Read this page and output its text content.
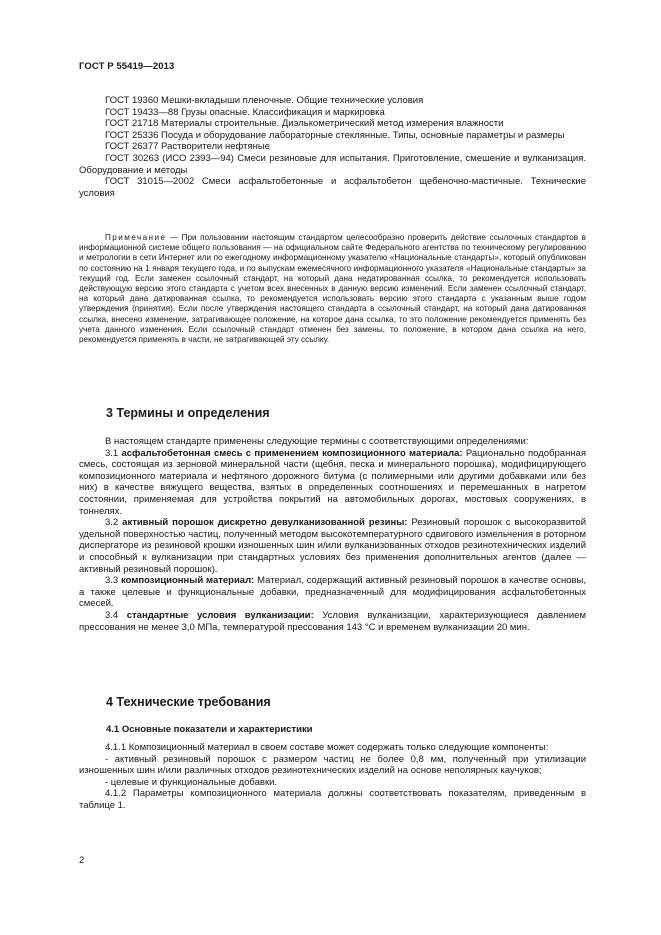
ГОСТ Р 55419—2013

ГОСТ 19360 Мешки-вкладыши пленочные. Общие технические условия

ГОСТ 19433—88 Грузы опасные. Классификация и маркировка

ГОСТ 21718 Материалы строительные. Диэлькометрический метод измерения влажности

ГОСТ 25336 Посуда и оборудование лабораторные стеклянные. Типы, основные параметры и размеры

ГОСТ 26377 Растворители нефтяные

ГОСТ 30263 (ИСО 2393—94) Смеси резиновые для испытания. Приготовление, смешение и вулканизация. Оборудование и методы

ГОСТ 31015—2002 Смеси асфальтобетонные и асфальтобетон щебеночно-мастичные. Технические условия

Примечание — При пользовании настоящим стандартом целесообразно проверить действие ссылочных стандартов в информационной системе общего пользования — на официальном сайте Федерального агентства по техническому регулированию и метрологии в сети Интернет или по ежегодному информационному указателю «Национальные стандарты», который опубликован по состоянию на 1 января текущего года, и по выпускам ежемесячного информационного указателя «Национальные стандарты» за текущий год. Если заменен ссылочный стандарт, на который дана недатированная ссылка, то рекомендуется использовать действующую версию этого стандарта с учетом всех внесенных в данную версию изменений. Если заменен ссылочный стандарт, на который дана датированная ссылка, то рекомендуется использовать версию этого стандарта с указанным выше годом утверждения (принятия). Если после утверждения настоящего стандарта в ссылочный стандарт, на который дана датированная ссылка, внесено изменение, затрагивающее положение, на которое дана ссылка, то это положение рекомендуется применять без учета данного изменения. Если ссылочный стандарт отменен без замены, то положение, в котором дана ссылка на него, рекомендуется применять в части, не затрагивающей эту ссылку.

3 Термины и определения

В настоящем стандарте применены следующие термины с соответствующими определениями:

3.1 асфальтобетонная смесь с применением композиционного материала: Рационально подобранная смесь, состоящая из зерновой минеральной части (щебня, песка и минерального порошка), модифицирующего композиционного материала и нефтяного дорожного битума (с полимерными или другими добавками или без них) в качестве вяжущего вещества, взятых в определенных соотношениях и перемешанных в нагретом состоянии, применяемая для устройства покрытий на автомобильных дорогах, мостовых сооружениях, в тоннелях.

3.2 активный порошок дискретно девулканизованной резины: Резиновый порошок с высокоразвитой удельной поверхностью частиц, полученный методом высокотемпературного сдвигового измельчения в роторном диспергаторе из резиновой крошки изношенных шин и/или вулканизованных отходов резинотехнических изделий и способный к вулканизации при стандартных условиях без применения дополнительных агентов (далее — активный резиновый порошок).

3.3 композиционный материал: Материал, содержащий активный резиновый порошок в качестве основы, а также целевые и функциональные добавки, предназначенный для модифицирования асфальтобетонных смесей.

3.4 стандартные условия вулканизации: Условия вулканизации, характеризующиеся давлением прессования не менее 3,0 МПа, температурой прессования 143 °С и временем вулканизации 20 мин.

4 Технические требования
4.1 Основные показатели и характеристики

4.1.1 Композиционный материал в своем составе может содержать только следующие компоненты:

- активный резиновый порошок с размером частиц не более 0,8 мм, полученный при утилизации изношенных шин и/или различных отходов резинотехнических изделий на основе неполярных каучуков;

- целевые и функциональные добавки.

4.1.2 Параметры композиционного материала должны соответствовать показателям, приведенным в таблице 1.

2
